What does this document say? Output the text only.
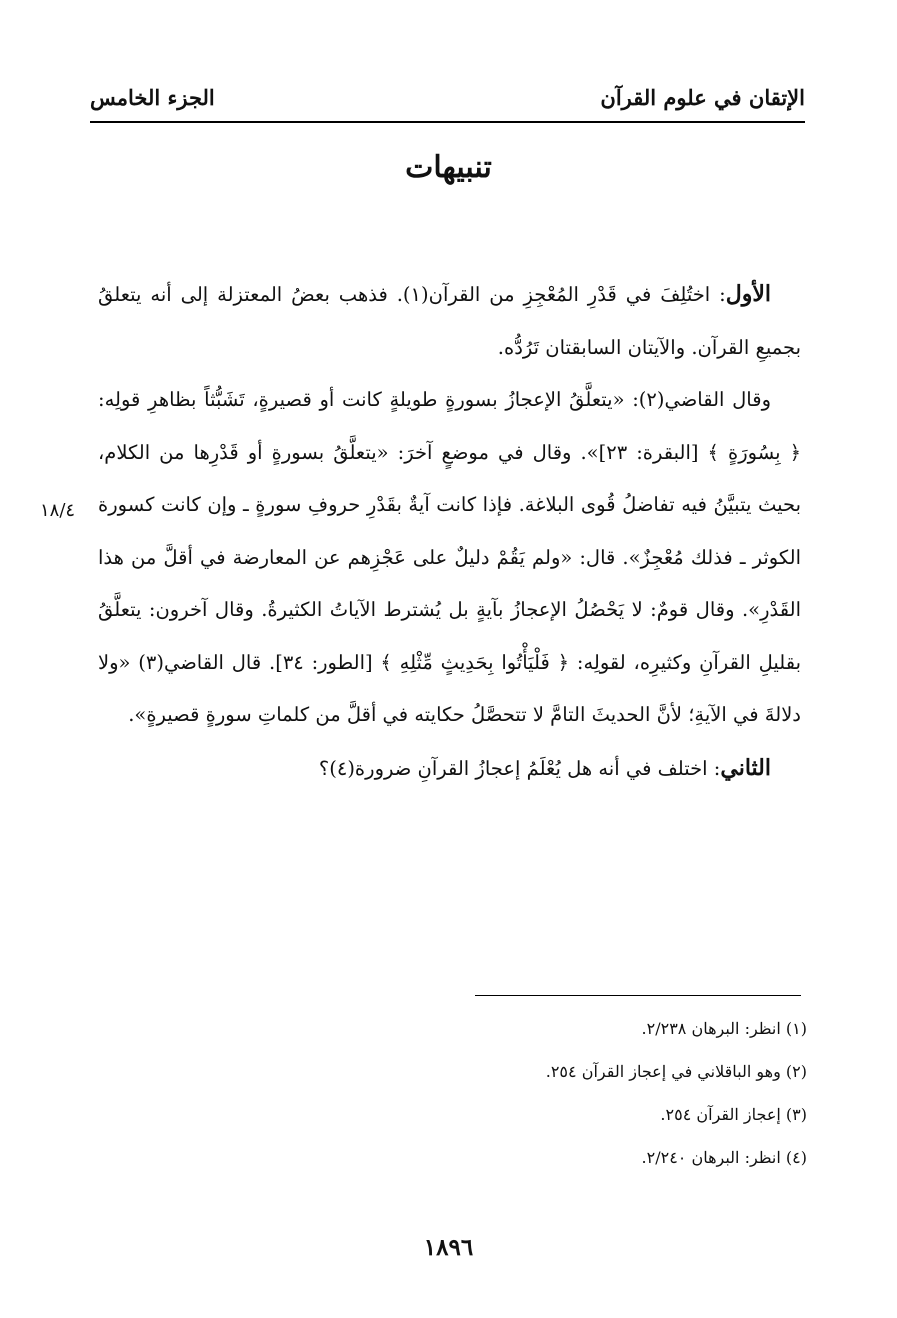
الإتقان في علوم القرآن
الجزء الخامس
تنبيهات
١٨/٤

الأول: اختُلِفَ في قَدْرِ المُعْجِزِ من القرآن(١). فذهب بعضُ المعتزلة إلى أنه يتعلقُ بجميعِ القرآن. والآيتان السابقتان تَرُدُّه.

وقال القاضي(٢): «يتعلَّقُ الإعجازُ بسورةٍ طويلةٍ كانت أو قصيرةٍ، تَشَبُّثاً بظاهرِ قولِه: ﴿ بِسُورَةٍ ﴾ [البقرة: ٢٣]». وقال في موضعٍ آخرَ: «يتعلَّقُ بسورةٍ أو قَدْرِها من الكلام، بحيث يتبيَّنُ فيه تفاضلُ قُوى البلاغة. فإذا كانت آيةٌ بقَدْرِ حروفِ سورةٍ ـ وإن كانت كسورة الكوثر ـ فذلك مُعْجِزٌ». قال: «ولم يَقُمْ دليلٌ على عَجْزِهم عن المعارضة في أقلَّ من هذا القَدْرِ». وقال قومٌ: لا يَحْصُلُ الإعجازُ بآيةٍ بل يُشترط الآياتُ الكثيرةُ. وقال آخرون: يتعلَّقُ بقليلِ القرآنِ وكثيرِه، لقولِه: ﴿ فَلْيَأْتُوا بِحَدِيثٍ مِّثْلِهِ ﴾ [الطور: ٣٤]. قال القاضي(٣) «ولا دلالةَ في الآيةِ؛ لأنَّ الحديثَ التامَّ لا تتحصَّلُ حكايته في أقلَّ من كلماتِ سورةٍ قصيرةٍ».

الثاني: اختلف في أنه هل يُعْلَمُ إعجازُ القرآنِ ضرورة(٤)؟

(١) انظر: البرهان ٢/٢٣٨.
(٢) وهو الباقلاني في إعجاز القرآن ٢٥٤.
(٣) إعجاز القرآن ٢٥٤.
(٤) انظر: البرهان ٢/٢٤٠.
١٨٩٦
